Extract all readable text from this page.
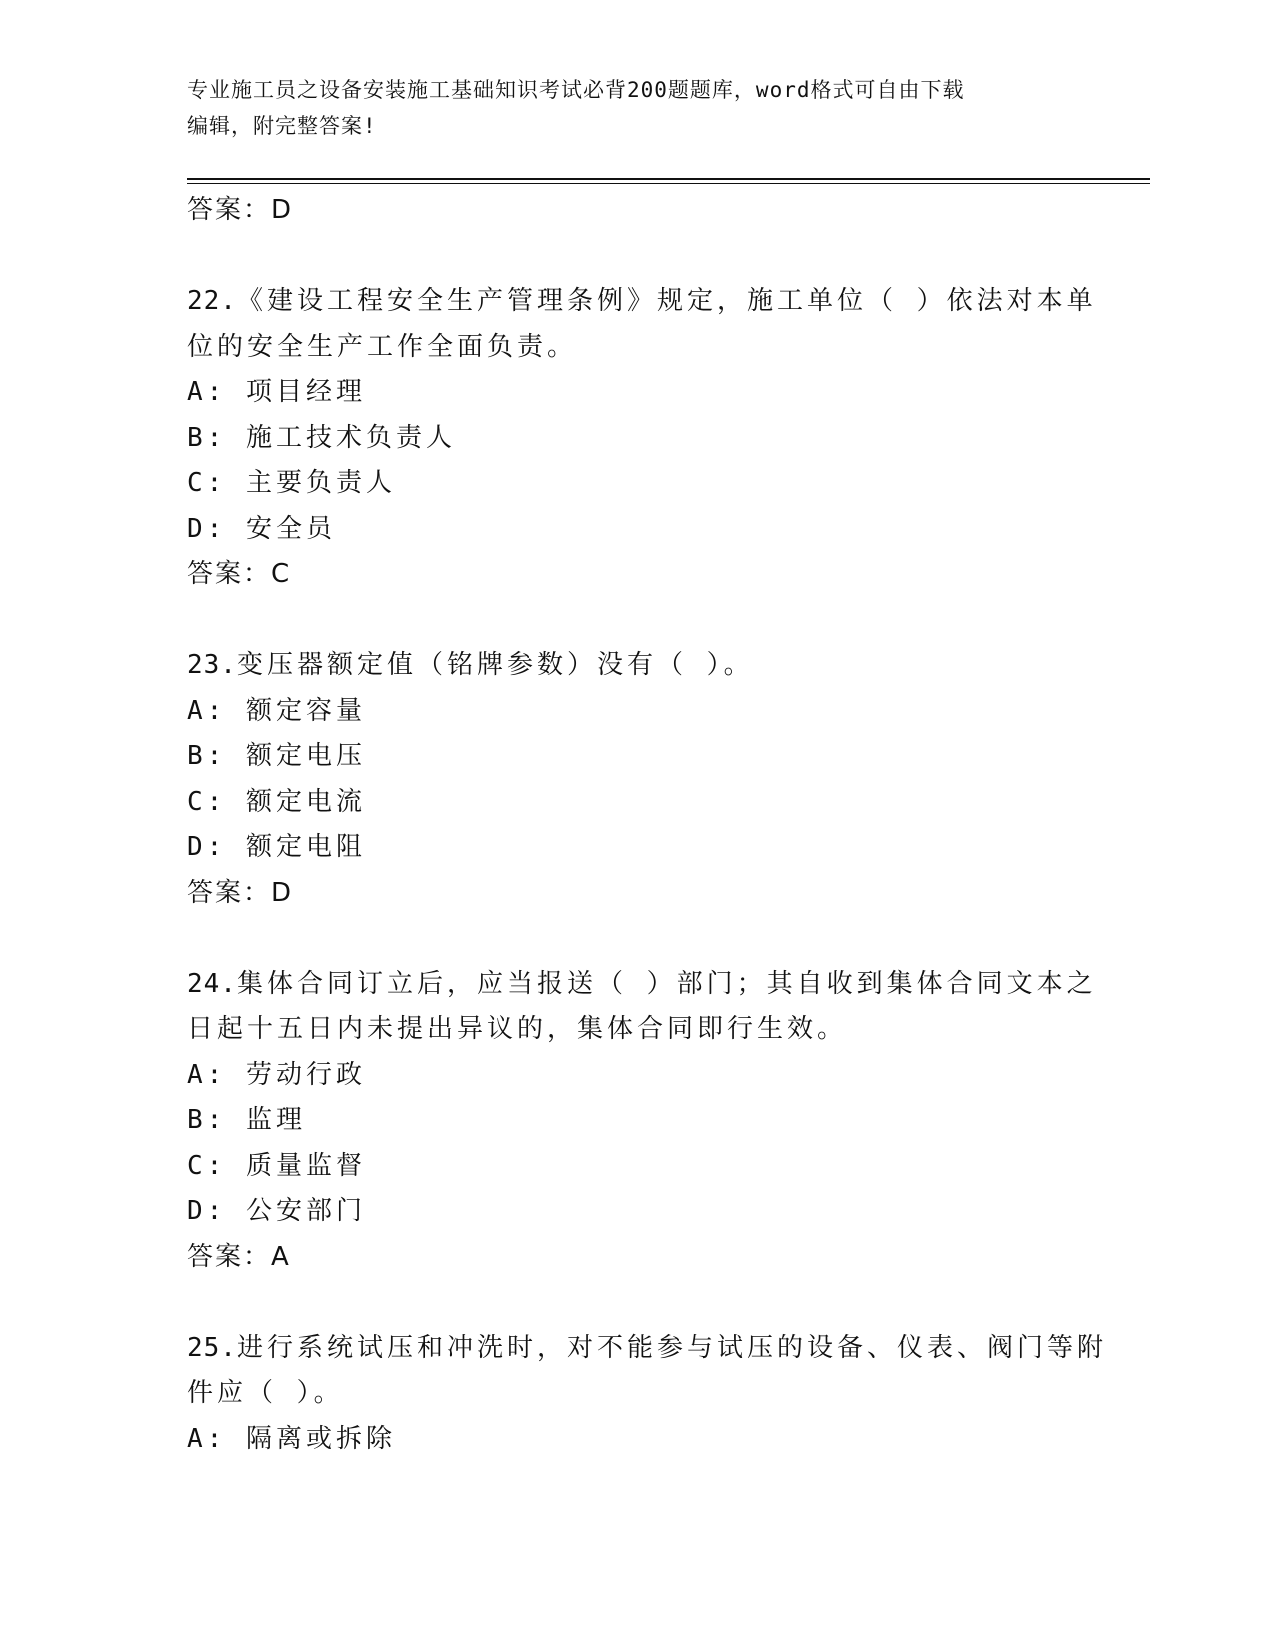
专业施工员之设备安装施工基础知识考试必背200题题库，word格式可自由下载
编辑，附完整答案!
答案：D
22.《建设工程安全生产管理条例》规定，施工单位（ ）依法对本单
位的安全生产工作全面负责。
A: 项目经理
B: 施工技术负责人
C: 主要负责人
D: 安全员
答案：C
23.变压器额定值（铭牌参数）没有（ ）。
A: 额定容量
B: 额定电压
C: 额定电流
D: 额定电阻
答案：D
24.集体合同订立后，应当报送（ ）部门；其自收到集体合同文本之
日起十五日内未提出异议的，集体合同即行生效。
A: 劳动行政
B: 监理
C: 质量监督
D: 公安部门
答案：A
25.进行系统试压和冲洗时，对不能参与试压的设备、仪表、阀门等附
件应（ ）。
A: 隔离或拆除
